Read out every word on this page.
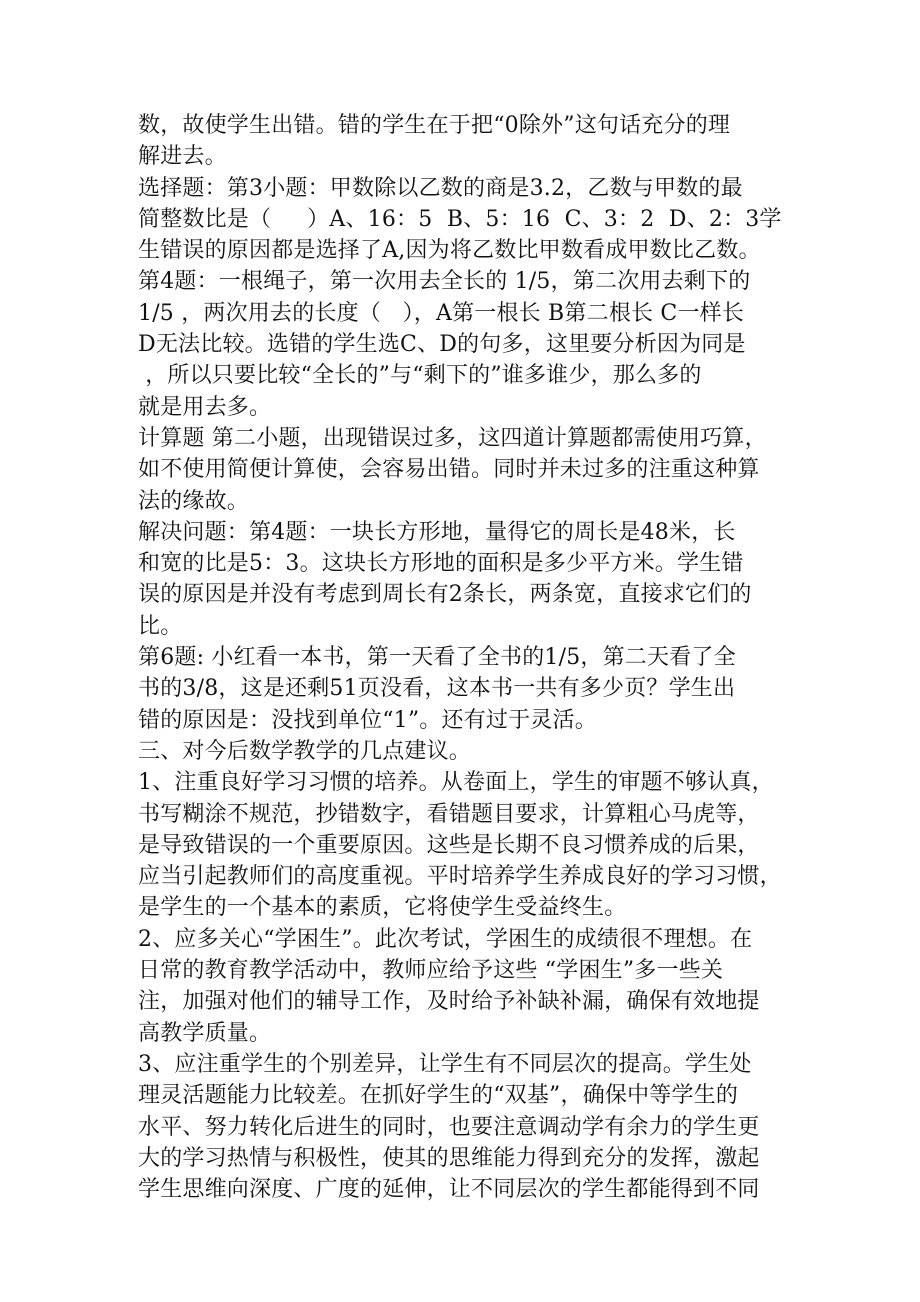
数，故使学生出错。错的学生在于把“0除外”这句话充分的理
解进去。
选择题：第3小题：甲数除以乙数的商是3.2，乙数与甲数的最
简整数比是（     ）A、16：5  B、5：16  C、3：2  D、2：3学
生错误的原因都是选择了A,因为将乙数比甲数看成甲数比乙数。
第4题：一根绳子，第一次用去全长的 1/5，第二次用去剩下的
1/5 ，两次用去的长度（   ），A第一根长 B第二根长 C一样长
D无法比较。选错的学生选C、D的句多，这里要分析因为同是
，所以只要比较“全长的”与“剩下的”谁多谁少，那么多的
就是用去多。
计算题 第二小题，出现错误过多，这四道计算题都需使用巧算，
如不使用简便计算使，会容易出错。同时并未过多的注重这种算
法的缘故。
解决问题：第4题：一块长方形地，量得它的周长是48米，长
和宽的比是5：3。这块长方形地的面积是多少平方米。学生错
误的原因是并没有考虑到周长有2条长，两条宽，直接求它们的
比。
第6题: 小红看一本书，第一天看了全书的1/5，第二天看了全
书的3/8，这是还剩51页没看，这本书一共有多少页？学生出
错的原因是：没找到单位“1”。还有过于灵活。
三、对今后数学教学的几点建议。
1、注重良好学习习惯的培养。从卷面上，学生的审题不够认真，
书写糊涂不规范，抄错数字，看错题目要求，计算粗心马虎等，
是导致错误的一个重要原因。这些是长期不良习惯养成的后果，
应当引起教师们的高度重视。平时培养学生养成良好的学习习惯，
是学生的一个基本的素质，它将使学生受益终生。
2、应多关心“学困生”。此次考试，学困生的成绩很不理想。在
日常的教育教学活动中，教师应给予这些 “学困生”多一些关
注，加强对他们的辅导工作，及时给予补缺补漏，确保有效地提
高教学质量。
3、应注重学生的个别差异，让学生有不同层次的提高。学生处
理灵活题能力比较差。在抓好学生的“双基”，确保中等学生的
水平、努力转化后进生的同时，也要注意调动学有余力的学生更
大的学习热情与积极性，使其的思维能力得到充分的发挥，激起
学生思维向深度、广度的延伸，让不同层次的学生都能得到不同
